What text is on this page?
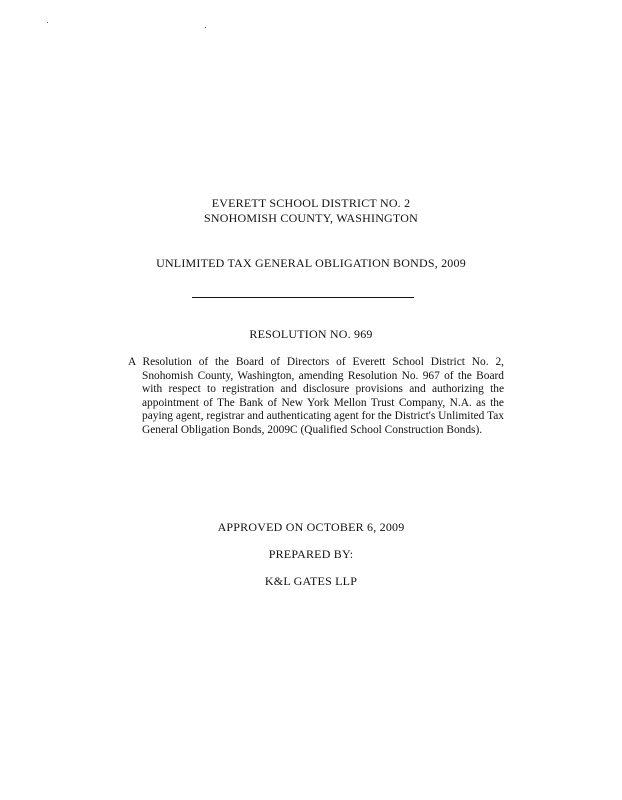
EVERETT SCHOOL DISTRICT NO. 2
SNOHOMISH COUNTY, WASHINGTON
UNLIMITED TAX GENERAL OBLIGATION BONDS, 2009
RESOLUTION NO. 969
A Resolution of the Board of Directors of Everett School District No. 2, Snohomish County, Washington, amending Resolution No. 967 of the Board with respect to registration and disclosure provisions and authorizing the appointment of The Bank of New York Mellon Trust Company, N.A. as the paying agent, registrar and authenticating agent for the District's Unlimited Tax General Obligation Bonds, 2009C (Qualified School Construction Bonds).
APPROVED ON OCTOBER 6, 2009
PREPARED BY:
K&L GATES LLP
